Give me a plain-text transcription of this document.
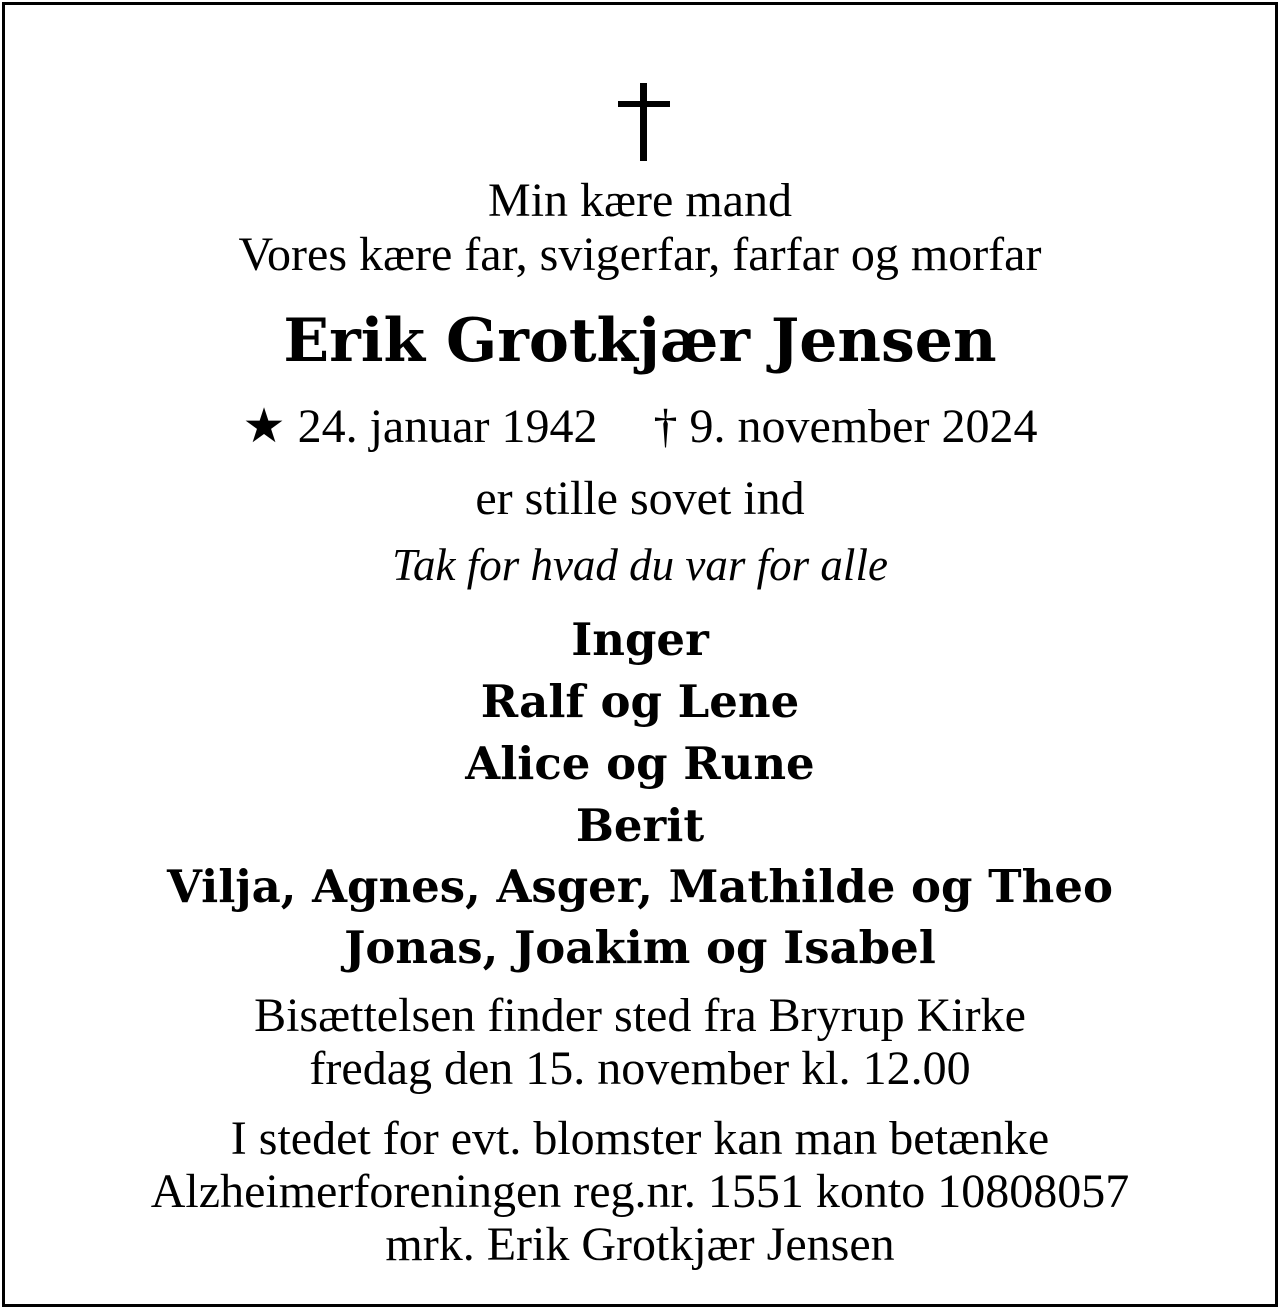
Min kære mand
Vores kære far, svigerfar, farfar og morfar
Erik Grotkjær Jensen
★ 24. januar 1942 † 9. november 2024
er stille sovet ind
Tak for hvad du var for alle
Inger
Ralf og Lene
Alice og Rune
Berit
Vilja, Agnes, Asger, Mathilde og Theo
Jonas, Joakim og Isabel
Bisættelsen finder sted fra Bryrup Kirke
fredag den 15. november kl. 12.00
I stedet for evt. blomster kan man betænke
Alzheimerforeningen reg.nr. 1551 konto 10808057
mrk. Erik Grotkjær Jensen
